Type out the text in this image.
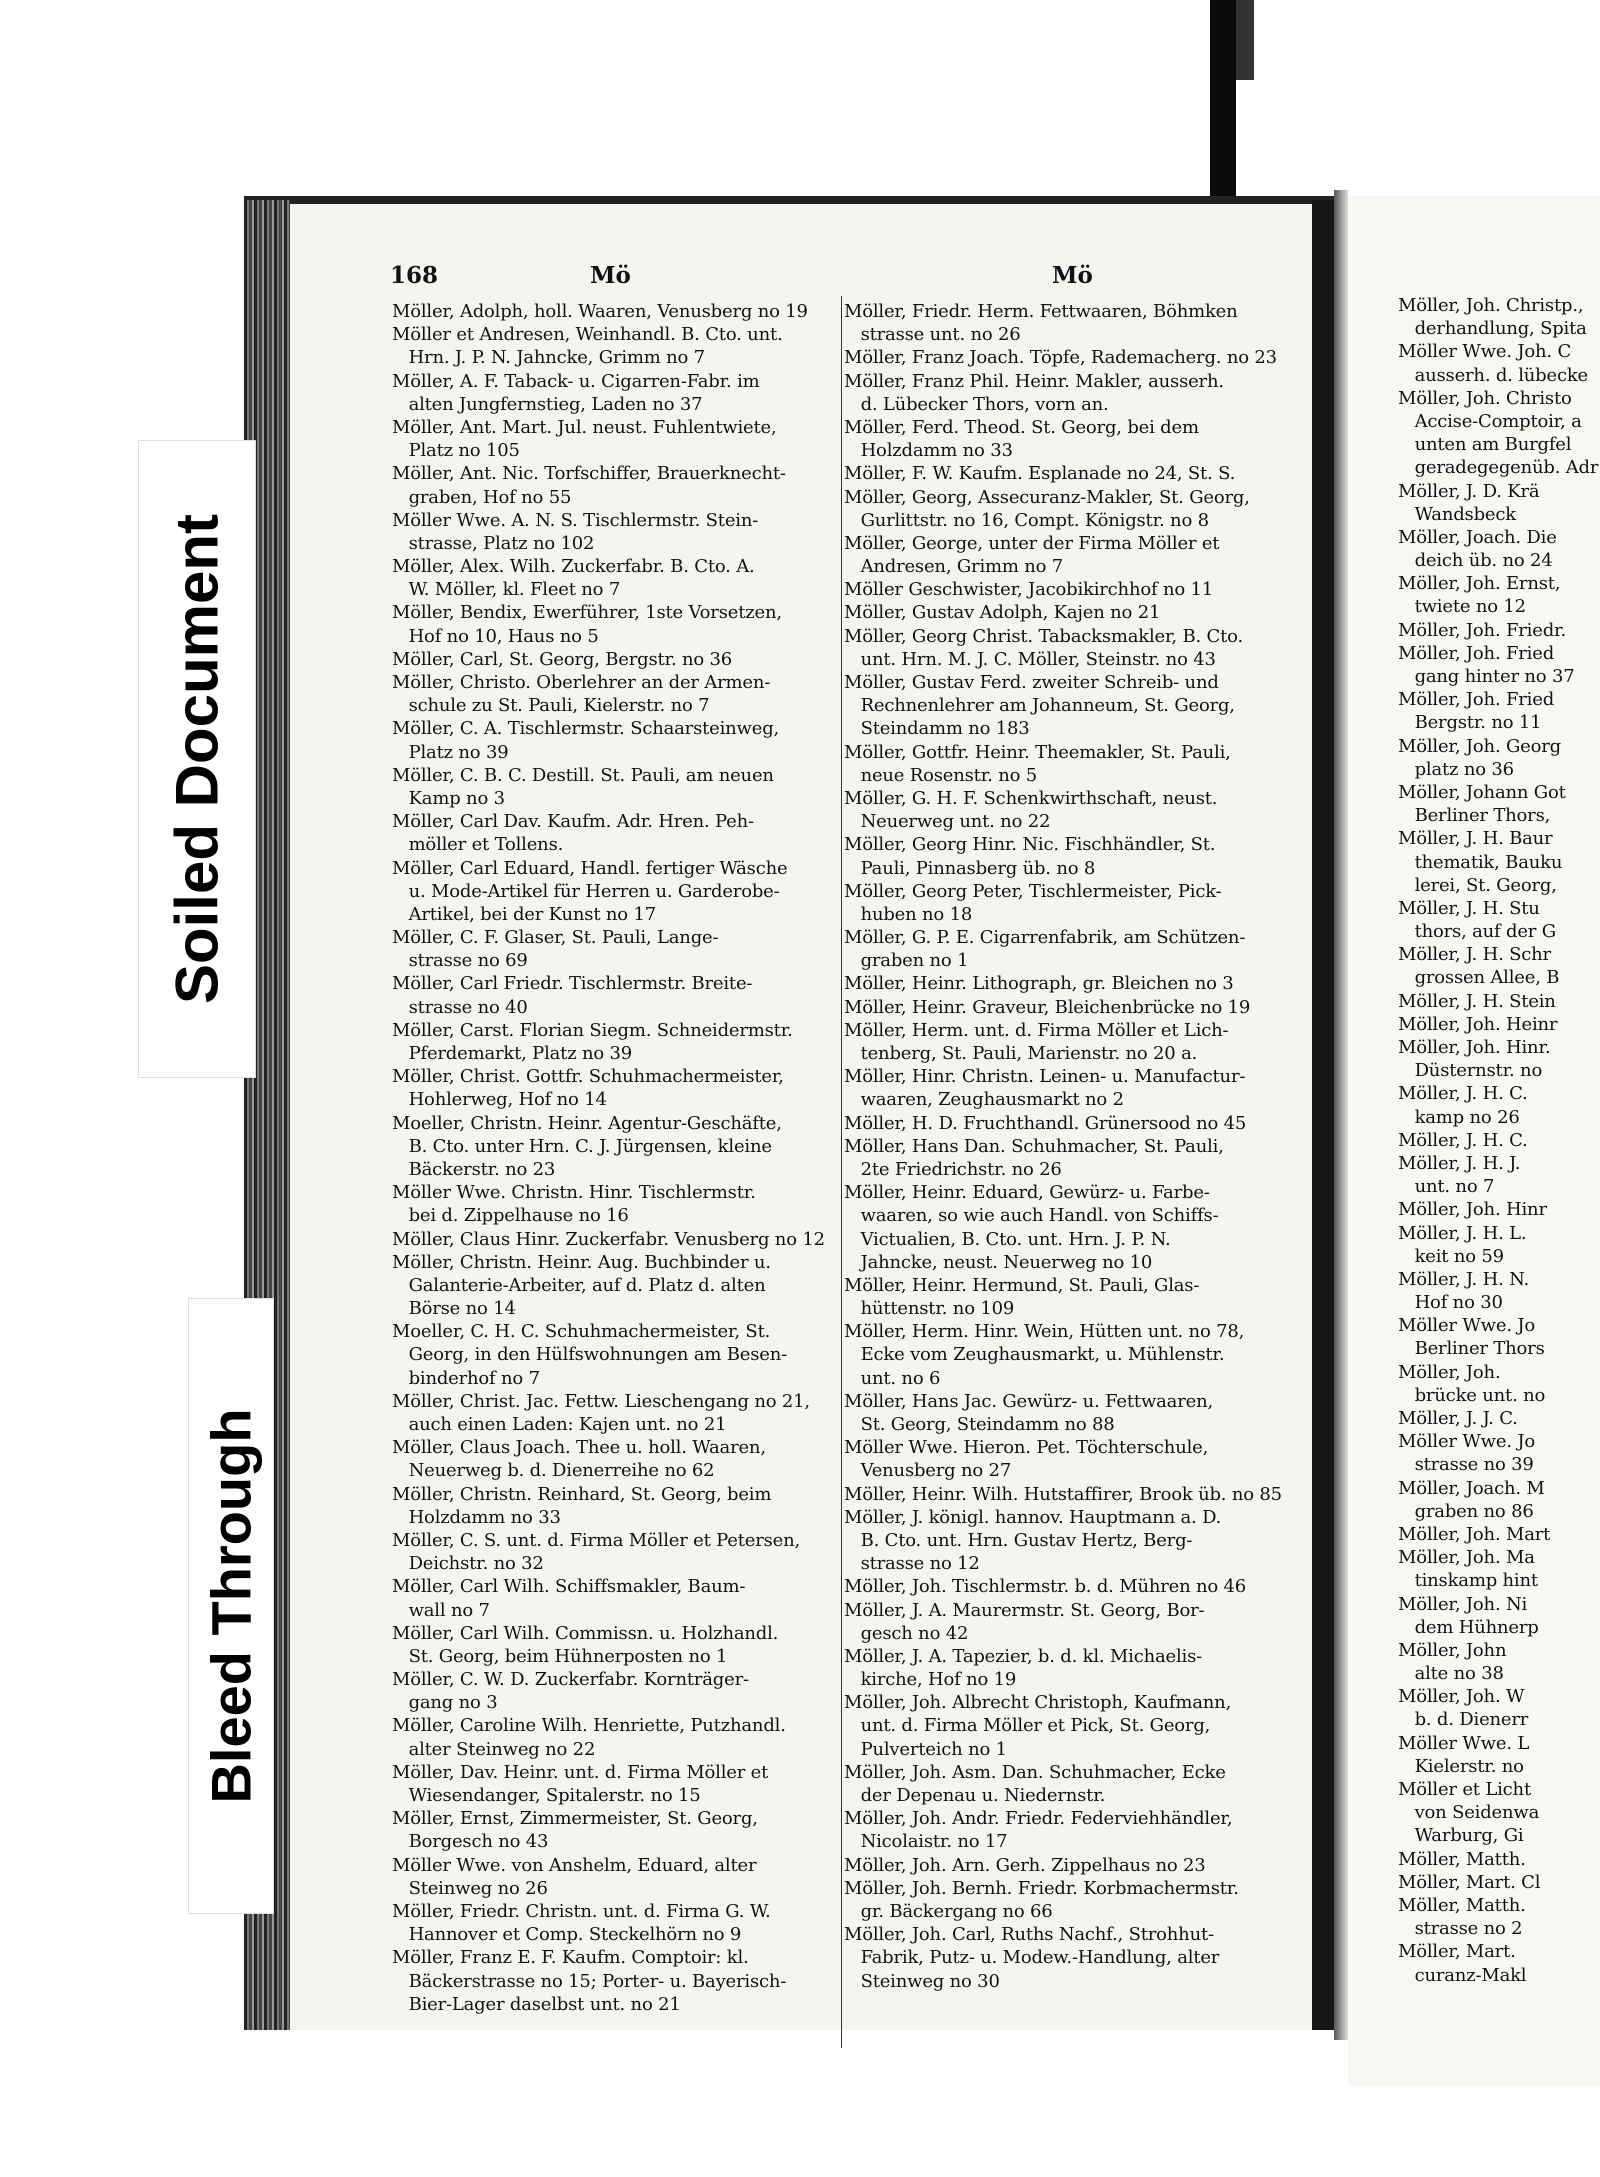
168	Mö	Mö
Möller, Adolph, holl. Waaren, Venusberg no 19
Möller et Andresen, Weinhandl. B. Cto. unt.
Hrn. J. P. N. Jahncke, Grimm no 7
Möller, A. F. Taback- u. Cigarren-Fabr. im
alten Jungfernstieg, Laden no 37
Möller, Ant. Mart. Jul. neust. Fuhlentwiete,
Platz no 105
Möller, Ant. Nic. Torfschiffer, Brauerknecht-
graben, Hof no 55
Möller Wwe. A. N. S. Tischlermstr. Stein-
strasse, Platz no 102
Möller, Alex. Wilh. Zuckerfabr. B. Cto. A.
W. Möller, kl. Fleet no 7
Möller, Bendix, Ewerführer, 1ste Vorsetzen,
Hof no 10, Haus no 5
Möller, Carl, St. Georg, Bergstr. no 36
Möller, Christo. Oberlehrer an der Armen-
schule zu St. Pauli, Kielerstr. no 7
Möller, C. A. Tischlermstr. Schaarsteinweg,
Platz no 39
Möller, C. B. C. Destill. St. Pauli, am neuen
Kamp no 3
Möller, Carl Dav. Kaufm. Adr. Hren. Peh-
möller et Tollens.
Möller, Carl Eduard, Handl. fertiger Wäsche
u. Mode-Artikel für Herren u. Garderobe-
Artikel, bei der Kunst no 17
Möller, C. F. Glaser, St. Pauli, Lange-
strasse no 69
Möller, Carl Friedr. Tischlermstr. Breite-
strasse no 40
Möller, Carst. Florian Siegm. Schneidermstr.
Pferdemarkt, Platz no 39
Möller, Christ. Gottfr. Schuhmachermeister,
Hohlerweg, Hof no 14
Moeller, Christn. Heinr. Agentur-Geschäfte,
B. Cto. unter Hrn. C. J. Jürgensen, kleine
Bäckerstr. no 23
Möller Wwe. Christn. Hinr. Tischlermstr.
bei d. Zippelhause no 16
Möller, Claus Hinr. Zuckerfabr. Venusberg no 12
Möller, Christn. Heinr. Aug. Buchbinder u.
Galanterie-Arbeiter, auf d. Platz d. alten
Börse no 14
Moeller, C. H. C. Schuhmachermeister, St.
Georg, in den Hülfswohnungen am Besen-
binderhof no 7
Möller, Christ. Jac. Fettw. Lieschengang no 21,
auch einen Laden: Kajen unt. no 21
Möller, Claus Joach. Thee u. holl. Waaren,
Neuerweg b. d. Dienerreihe no 62
Möller, Christn. Reinhard, St. Georg, beim
Holzdamm no 33
Möller, C. S. unt. d. Firma Möller et Petersen,
Deichstr. no 32
Möller, Carl Wilh. Schiffsmakler, Baum-
wall no 7
Möller, Carl Wilh. Commissn. u. Holzhandl.
St. Georg, beim Hühnerposten no 1
Möller, C. W. D. Zuckerfabr. Kornträger-
gang no 3
Möller, Caroline Wilh. Henriette, Putzhandl.
alter Steinweg no 22
Möller, Dav. Heinr. unt. d. Firma Möller et
Wiesendanger, Spitalerstr. no 15
Möller, Ernst, Zimmermeister, St. Georg,
Borgesch no 43
Möller Wwe. von Anshelm, Eduard, alter
Steinweg no 26
Möller, Friedr. Christn. unt. d. Firma G. W.
Hannover et Comp. Steckelhörn no 9
Möller, Franz E. F. Kaufm. Comptoir: kl.
Bäckerstrasse no 15; Porter- u. Bayerisch-
Bier-Lager daselbst unt. no 21
Möller, Friedr. Herm. Fettwaaren, Böhmken
strasse unt. no 26
Möller, Franz Joach. Töpfe, Rademacherg. no 23
Möller, Franz Phil. Heinr. Makler, ausserh.
d. Lübecker Thors, vorn an.
Möller, Ferd. Theod. St. Georg, bei dem
Holzdamm no 33
Möller, F. W. Kaufm. Esplanade no 24, St. S.
Möller, Georg, Assecuranz-Makler, St. Georg,
Gurlittstr. no 16, Compt. Königstr. no 8
Möller, George, unter der Firma Möller et
Andresen, Grimm no 7
Möller Geschwister, Jacobikirchhof no 11
Möller, Gustav Adolph, Kajen no 21
Möller, Georg Christ. Tabacksmakler, B. Cto.
unt. Hrn. M. J. C. Möller, Steinstr. no 43
Möller, Gustav Ferd. zweiter Schreib- und
Rechnenlehrer am Johanneum, St. Georg,
Steindamm no 183
Möller, Gottfr. Heinr. Theemakler, St. Pauli,
neue Rosenstr. no 5
Möller, G. H. F. Schenkwirthschaft, neust.
Neuerweg unt. no 22
Möller, Georg Hinr. Nic. Fischhändler, St.
Pauli, Pinnasberg üb. no 8
Möller, Georg Peter, Tischlermeister, Pick-
huben no 18
Möller, G. P. E. Cigarrenfabrik, am Schützen-
graben no 1
Möller, Heinr. Lithograph, gr. Bleichen no 3
Möller, Heinr. Graveur, Bleichenbrücke no 19
Möller, Herm. unt. d. Firma Möller et Lich-
tenberg, St. Pauli, Marienstr. no 20 a.
Möller, Hinr. Christn. Leinen- u. Manufactur-
waaren, Zeughausmarkt no 2
Möller, H. D. Fruchthandl. Grünersood no 45
Möller, Hans Dan. Schuhmacher, St. Pauli,
2te Friedrichstr. no 26
Möller, Heinr. Eduard, Gewürz- u. Farbe-
waaren, so wie auch Handl. von Schiffs-
Victualien, B. Cto. unt. Hrn. J. P. N.
Jahncke, neust. Neuerweg no 10
Möller, Heinr. Hermund, St. Pauli, Glas-
hüttenstr. no 109
Möller, Herm. Hinr. Wein, Hütten unt. no 78,
Ecke vom Zeughausmarkt, u. Mühlenstr.
unt. no 6
Möller, Hans Jac. Gewürz- u. Fettwaaren,
St. Georg, Steindamm no 88
Möller Wwe. Hieron. Pet. Töchterschule,
Venusberg no 27
Möller, Heinr. Wilh. Hutstaffirer, Brook üb. no 85
Möller, J. königl. hannov. Hauptmann a. D.
B. Cto. unt. Hrn. Gustav Hertz, Berg-
strasse no 12
Möller, Joh. Tischlermstr. b. d. Mühren no 46
Möller, J. A. Maurermstr. St. Georg, Bor-
gesch no 42
Möller, J. A. Tapezier, b. d. kl. Michaelis-
kirche, Hof no 19
Möller, Joh. Albrecht Christoph, Kaufmann,
unt. d. Firma Möller et Pick, St. Georg,
Pulverteich no 1
Möller, Joh. Asm. Dan. Schuhmacher, Ecke
der Depenau u. Niedernstr.
Möller, Joh. Andr. Friedr. Federviehhändler,
Nicolaistr. no 17
Möller, Joh. Arn. Gerh. Zippelhaus no 23
Möller, Joh. Bernh. Friedr. Korbmachermstr.
gr. Bäckergang no 66
Möller, Joh. Carl, Ruths Nachf., Strohhut-
Fabrik, Putz- u. Modew.-Handlung, alter
Steinweg no 30
Möller, Joh. Christp.,
derhandlung, Spita
Möller Wwe. Joh. C
ausserh. d. lübecke
Möller, Joh. Christo
Accise-Comptoir, a
unten am Burgfel
geradegegenüb. Adr
Möller, J. D. Krä
Wandsbeck
Möller, Joach. Die
deich üb. no 24
Möller, Joh. Ernst,
twiete no 12
Möller, Joh. Friedr.
Möller, Joh. Fried
gang hinter no 37
Möller, Joh. Fried
Bergstr. no 11
Möller, Joh. Georg
platz no 36
Möller, Johann Got
Berliner Thors,
Möller, J. H. Baur
thematik, Bauku
lerei, St. Georg,
Möller, J. H. Stu
thors, auf der G
Möller, J. H. Schr
grossen Allee, B
Möller, J. H. Stein
Möller, Joh. Heinr
Möller, Joh. Hinr.
Düsternstr. no
Möller, J. H. C.
kamp no 26
Möller, J. H. C.
Möller, J. H. J.
unt. no 7
Möller, Joh. Hinr
Möller, J. H. L.
keit no 59
Möller, J. H. N.
Hof no 30
Möller Wwe. Jo
Berliner Thors
Möller, Joh.
brücke unt. no
Möller, J. J. C.
Möller Wwe. Jo
strasse no 39
Möller, Joach. M
graben no 86
Möller, Joh. Mart
Möller, Joh. Ma
tinskamp hint
Möller, Joh. Ni
dem Hühnerp
Möller, John
alte no 38
Möller, Joh. W
b. d. Dienerr
Möller Wwe. L
Kielerstr. no
Möller et Licht
von Seidenwa
Warburg, Gi
Möller, Matth.
Möller, Mart. Cl
Möller, Matth.
strasse no 2
Möller, Mart.
curanz-Makl
Soiled Document
Bleed Through
